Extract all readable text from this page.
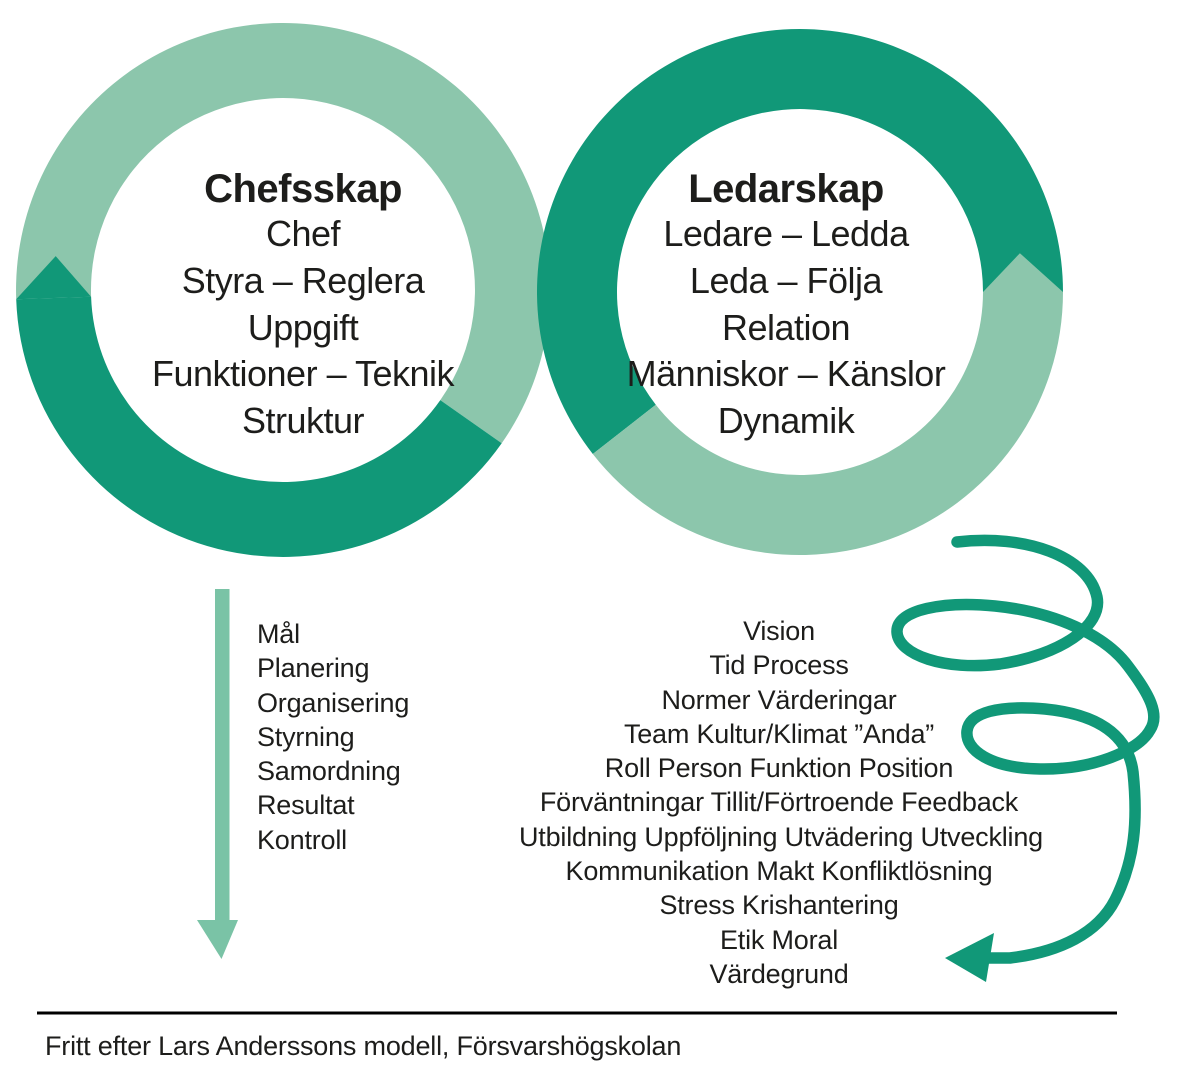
Chefsskap
Chef
Styra – Reglera
Uppgift
Funktioner – Teknik
Struktur
Ledarskap
Ledare – Ledda
Leda – Följa
Relation
Människor – Känslor
Dynamik
Mål
Planering
Organisering
Styrning
Samordning
Resultat
Kontroll
Vision
Tid Process
Normer Värderingar
Team Kultur/Klimat ”Anda”
Roll Person Funktion Position
Förväntningar Tillit/Förtroende Feedback
Utbildning Uppföljning Utvädering Utveckling
Kommunikation Makt Konfliktlösning
Stress Krishantering
Etik Moral
Värdegrund
Fritt efter Lars Anderssons modell, Försvarshögskolan
